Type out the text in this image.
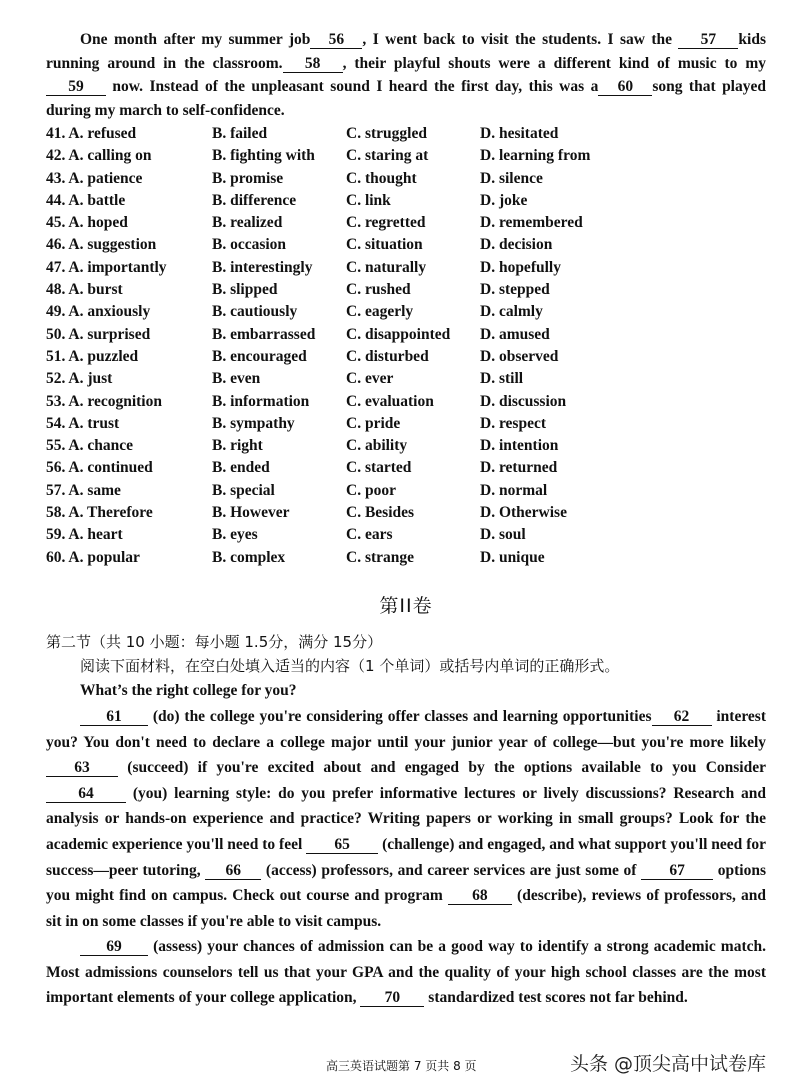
One month after my summer job 56 , I went back to visit the students. I saw the 57 kids running around in the classroom. 58 , their playful shouts were a different kind of music to my 59 now. Instead of the unpleasant sound I heard the first day, this was a 60 song that played during my march to self-confidence.
41. A. refused	B. failed	C. struggled	D. hesitated
42. A. calling on	B. fighting with	C. staring at	D. learning from
43. A. patience	B. promise	C. thought	D. silence
44. A. battle	B. difference	C. link	D. joke
45. A. hoped	B. realized	C. regretted	D. remembered
46. A. suggestion	B. occasion	C. situation	D. decision
47. A. importantly	B. interestingly	C. naturally	D. hopefully
48. A. burst	B. slipped	C. rushed	D. stepped
49. A. anxiously	B. cautiously	C. eagerly	D. calmly
50. A. surprised	B. embarrassed	C. disappointed	D. amused
51. A. puzzled	B. encouraged	C. disturbed	D. observed
52. A. just	B. even	C. ever	D. still
53. A. recognition	B. information	C. evaluation	D. discussion
54. A. trust	B. sympathy	C. pride	D. respect
55. A. chance	B. right	C. ability	D. intention
56. A. continued	B. ended	C. started	D. returned
57. A. same	B. special	C. poor	D. normal
58. A. Therefore	B. However	C. Besides	D. Otherwise
59. A. heart	B. eyes	C. ears	D. soul
60. A. popular	B. complex	C. strange	D. unique
第II卷
第二节（共 10 小题：每小题 1.5分，满分 15分）
阅读下面材料，在空白处填入适当的内容（1 个单词）或括号内单词的正确形式。
What’s the right college for you?
61 (do) the college you're considering offer classes and learning opportunities 62 interest you? You don't need to declare a college major until your junior year of college—but you're more likely 63 (succeed) if you're excited about and engaged by the options available to you Consider64 (you) learning style: do you prefer informative lectures or lively discussions? Research and analysis or hands-on experience and practice? Writing papers or working in small groups? Look for the academic experience you'll need to feel 65 (challenge) and engaged, and what support you'll need for success—peer tutoring, 66 (access) professors, and career services are just some of 67 options you might find on campus. Check out course and program 68 (describe), reviews of professors, and sit in on some classes if you're able to visit campus.
69 (assess) your chances of admission can be a good way to identify a strong academic match. Most admissions counselors tell us that your GPA and the quality of your high school classes are the most important elements of your college application, 70 standardized test scores not far behind.
高三英语试题第 7 页共 8 页	头条 @顶尖高中试卷库
